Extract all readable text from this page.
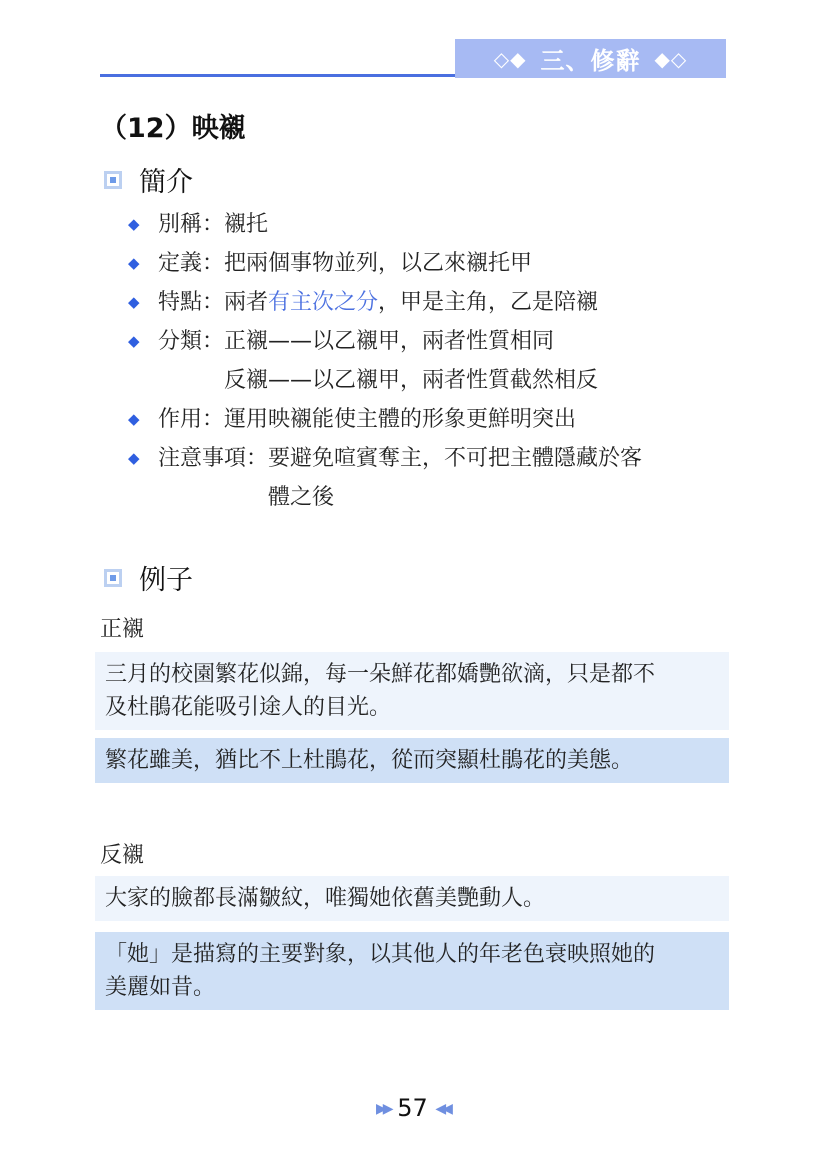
◇◆ 三、修辭 ◆◇
（12）映襯
簡介
◆ 別稱： 襯托
◆ 定義： 把兩個事物並列，以乙來襯托甲
◆ 特點： 兩者有主次之分，甲是主角，乙是陪襯
◆ 分類： 正襯——以乙襯甲，兩者性質相同
反襯——以乙襯甲，兩者性質截然相反
◆ 作用： 運用映襯能使主體的形象更鮮明突出
◆ 注意事項： 要避免喧賓奪主，不可把主體隱藏於客
體之後
例子
正襯
三月的校園繁花似錦，每一朵鮮花都嬌艷欲滴，只是都不
及杜鵑花能吸引途人的目光。
繁花雖美，猶比不上杜鵑花，從而突顯杜鵑花的美態。
反襯
大家的臉都長滿皺紋，唯獨她依舊美艷動人。
「她」是描寫的主要對象，以其他人的年老色衰映照她的
美麗如昔。
▶▶ 57 ◀◀
